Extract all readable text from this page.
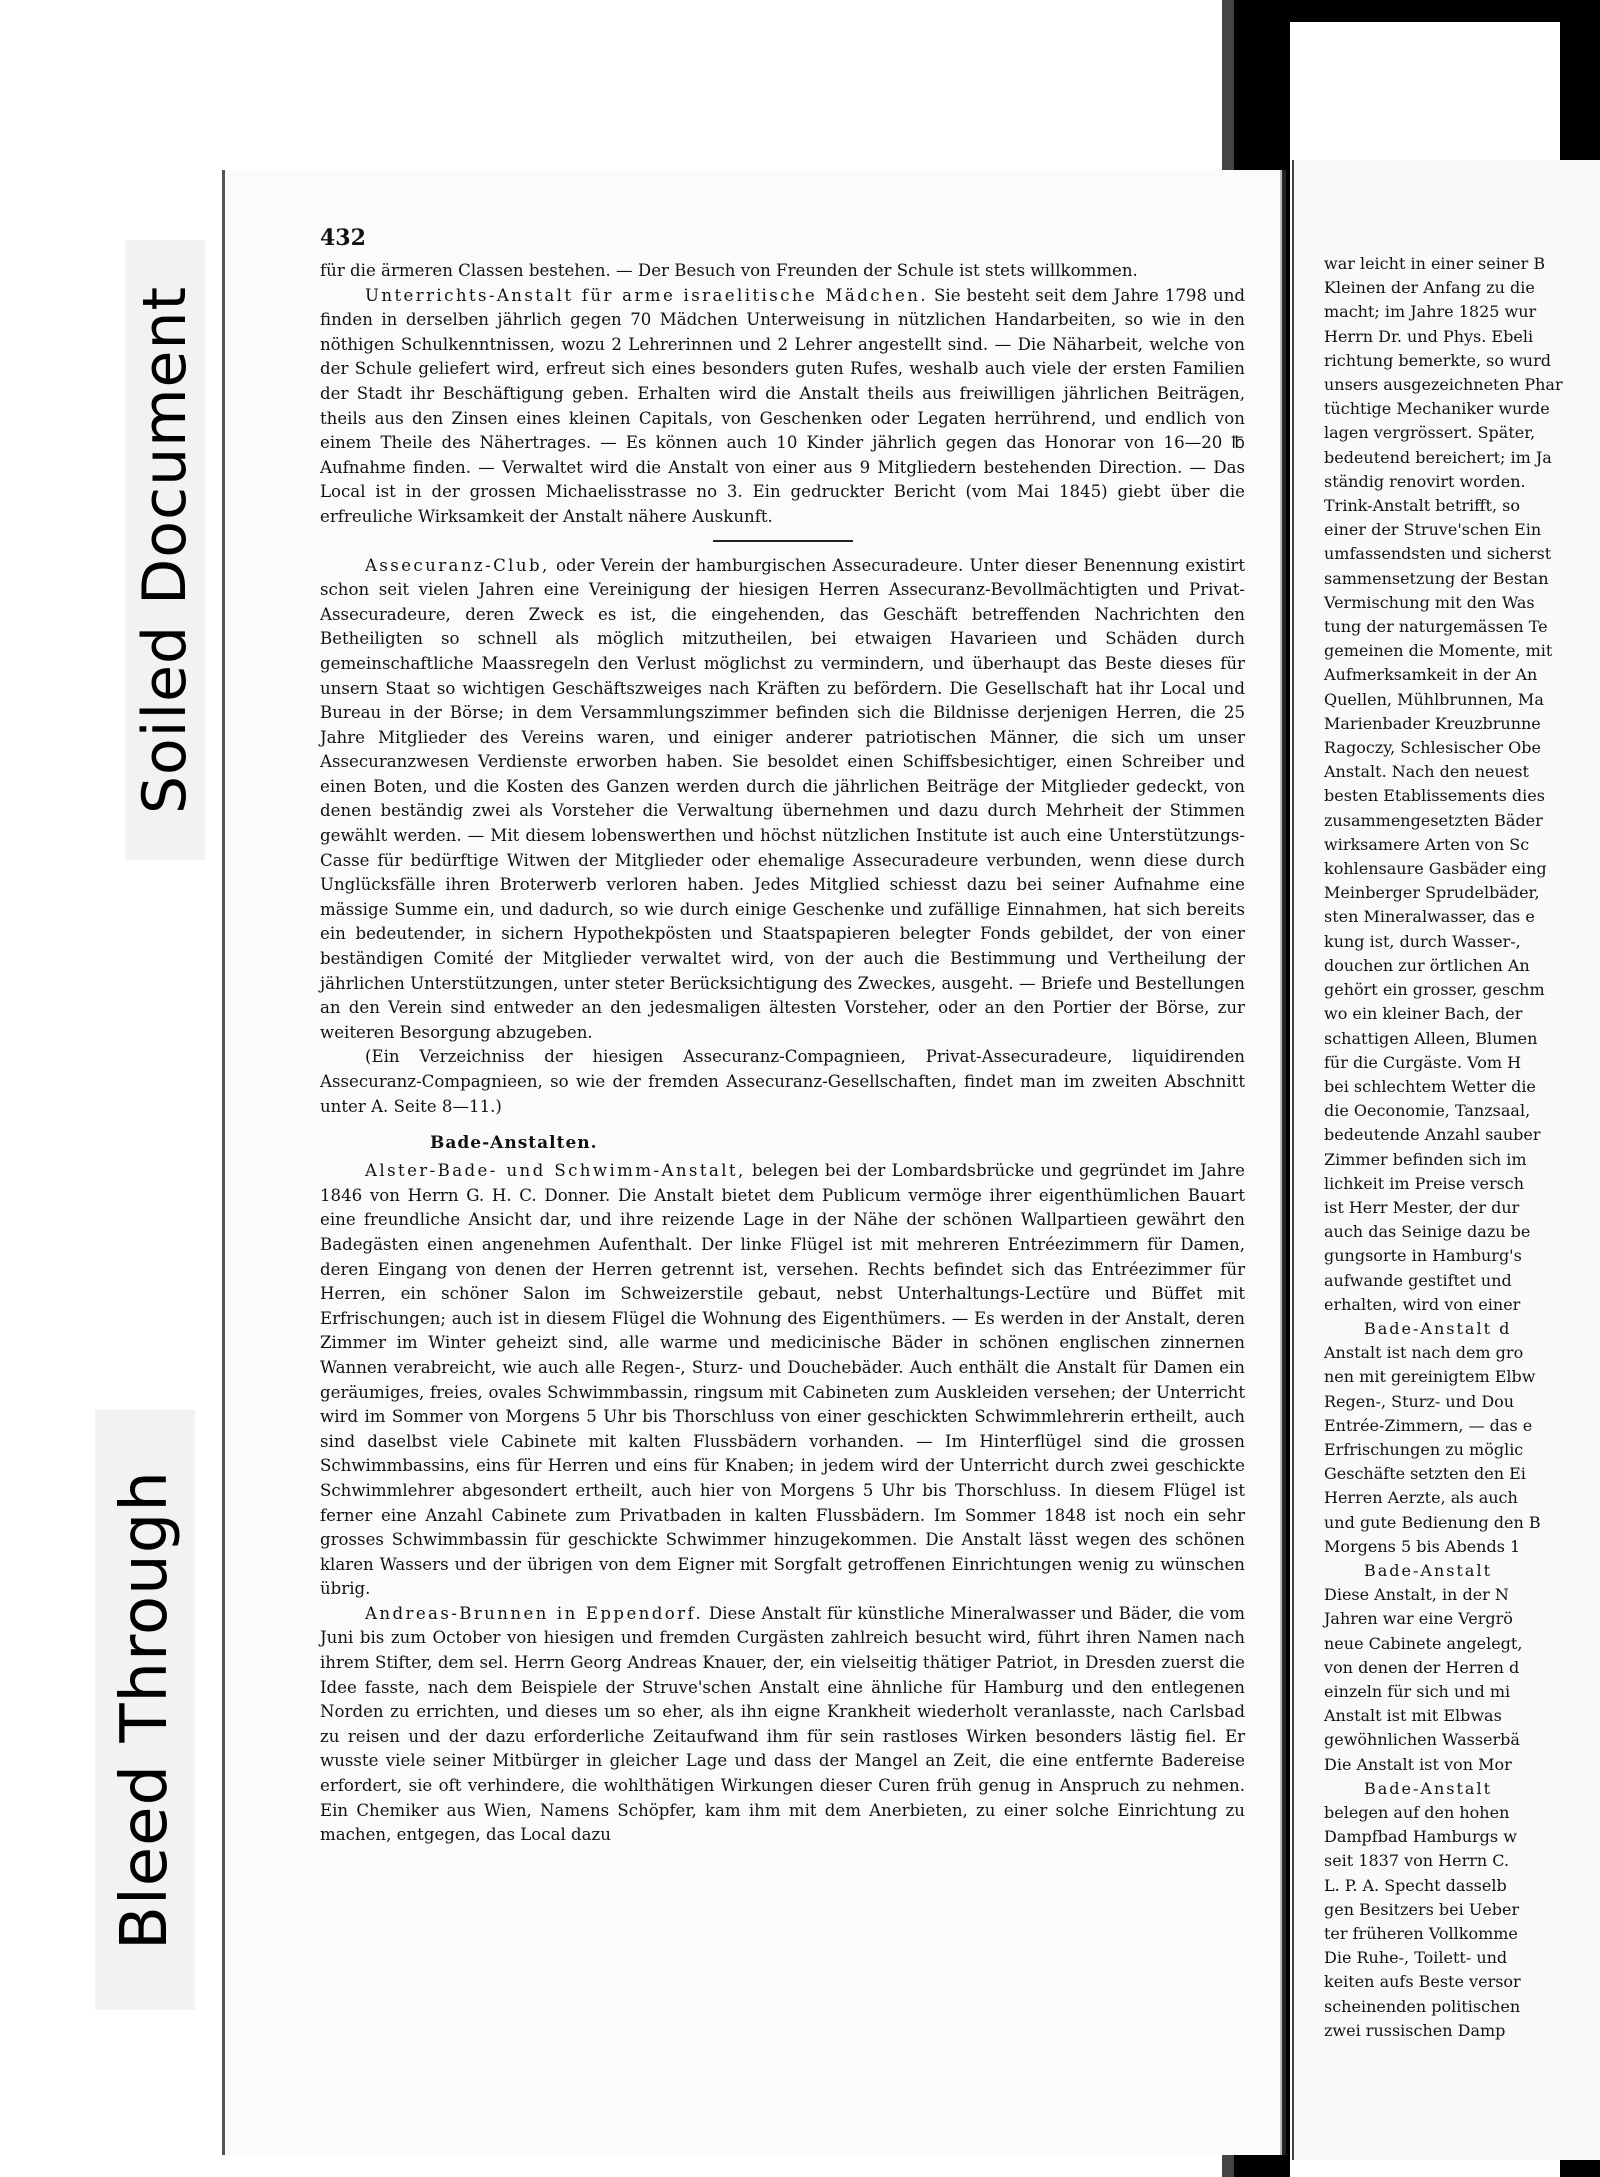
Soiled Document
Bleed Through
432

für die ärmeren Classen bestehen. — Der Besuch von Freunden der Schule ist stets willkommen.

Unterrichts-Anstalt für arme israelitische Mädchen. Sie besteht seit dem Jahre 1798 und finden in derselben jährlich gegen 70 Mädchen Unterweisung in nützlichen Handarbeiten, so wie in den nöthigen Schulkenntnissen, wozu 2 Lehrerinnen und 2 Lehrer angestellt sind. — Die Näharbeit, welche von der Schule geliefert wird, erfreut sich eines besonders guten Rufes, weshalb auch viele der ersten Familien der Stadt ihr Beschäftigung geben. Erhalten wird die Anstalt theils aus freiwilligen jährlichen Beiträgen, theils aus den Zinsen eines kleinen Capitals, von Geschenken oder Legaten herrührend, und endlich von einem Theile des Nähertrages. — Es können auch 10 Kinder jährlich gegen das Honorar von 16—20 ℔ Aufnahme finden. — Verwaltet wird die Anstalt von einer aus 9 Mitgliedern bestehenden Direction. — Das Local ist in der grossen Michaelisstrasse no 3. Ein gedruckter Bericht (vom Mai 1845) giebt über die erfreuliche Wirksamkeit der Anstalt nähere Auskunft.

Assecuranz-Club, oder Verein der hamburgischen Assecuradeure. Unter dieser Benennung existirt schon seit vielen Jahren eine Vereinigung der hiesigen Herren Assecuranz-Bevollmächtigten und Privat-Assecuradeure, deren Zweck es ist, die eingehenden, das Geschäft betreffenden Nachrichten den Betheiligten so schnell als möglich mitzutheilen, bei etwaigen Havarieen und Schäden durch gemeinschaftliche Maassregeln den Verlust möglichst zu vermindern, und überhaupt das Beste dieses für unsern Staat so wichtigen Geschäftszweiges nach Kräften zu befördern. Die Gesellschaft hat ihr Local und Bureau in der Börse; in dem Versammlungszimmer befinden sich die Bildnisse derjenigen Herren, die 25 Jahre Mitglieder des Vereins waren, und einiger anderer patriotischen Männer, die sich um unser Assecuranzwesen Verdienste erworben haben. Sie besoldet einen Schiffsbesichtiger, einen Schreiber und einen Boten, und die Kosten des Ganzen werden durch die jährlichen Beiträge der Mitglieder gedeckt, von denen beständig zwei als Vorsteher die Verwaltung übernehmen und dazu durch Mehrheit der Stimmen gewählt werden. — Mit diesem lobenswerthen und höchst nützlichen Institute ist auch eine Unterstützungs-Casse für bedürftige Witwen der Mitglieder oder ehemalige Assecuradeure verbunden, wenn diese durch Unglücksfälle ihren Broterwerb verloren haben. Jedes Mitglied schiesst dazu bei seiner Aufnahme eine mässige Summe ein, und dadurch, so wie durch einige Geschenke und zufällige Einnahmen, hat sich bereits ein bedeutender, in sichern Hypothekpösten und Staatspapieren belegter Fonds gebildet, der von einer beständigen Comité der Mitglieder verwaltet wird, von der auch die Bestimmung und Vertheilung der jährlichen Unterstützungen, unter steter Berücksichtigung des Zweckes, ausgeht. — Briefe und Bestellungen an den Verein sind entweder an den jedesmaligen ältesten Vorsteher, oder an den Portier der Börse, zur weiteren Besorgung abzugeben.

(Ein Verzeichniss der hiesigen Assecuranz-Compagnieen, Privat-Assecuradeure, liquidirenden Assecuranz-Compagnieen, so wie der fremden Assecuranz-Gesellschaften, findet man im zweiten Abschnitt unter A. Seite 8—11.)

Bade-Anstalten.

Alster-Bade- und Schwimm-Anstalt, belegen bei der Lombardsbrücke und gegründet im Jahre 1846 von Herrn G. H. C. Donner. Die Anstalt bietet dem Publicum vermöge ihrer eigenthümlichen Bauart eine freundliche Ansicht dar, und ihre reizende Lage in der Nähe der schönen Wallpartieen gewährt den Badegästen einen angenehmen Aufenthalt. Der linke Flügel ist mit mehreren Entréezimmern für Damen, deren Eingang von denen der Herren getrennt ist, versehen. Rechts befindet sich das Entréezimmer für Herren, ein schöner Salon im Schweizerstile gebaut, nebst Unterhaltungs-Lectüre und Büffet mit Erfrischungen; auch ist in diesem Flügel die Wohnung des Eigenthümers. — Es werden in der Anstalt, deren Zimmer im Winter geheizt sind, alle warme und medicinische Bäder in schönen englischen zinnernen Wannen verabreicht, wie auch alle Regen-, Sturz- und Douchebäder. Auch enthält die Anstalt für Damen ein geräumiges, freies, ovales Schwimmbassin, ringsum mit Cabineten zum Auskleiden versehen; der Unterricht wird im Sommer von Morgens 5 Uhr bis Thorschluss von einer geschickten Schwimmlehrerin ertheilt, auch sind daselbst viele Cabinete mit kalten Flussbädern vorhanden. — Im Hinterflügel sind die grossen Schwimmbassins, eins für Herren und eins für Knaben; in jedem wird der Unterricht durch zwei geschickte Schwimmlehrer abgesondert ertheilt, auch hier von Morgens 5 Uhr bis Thorschluss. In diesem Flügel ist ferner eine Anzahl Cabinete zum Privatbaden in kalten Flussbädern. Im Sommer 1848 ist noch ein sehr grosses Schwimmbassin für geschickte Schwimmer hinzugekommen. Die Anstalt lässt wegen des schönen klaren Wassers und der übrigen von dem Eigner mit Sorgfalt getroffenen Einrichtungen wenig zu wünschen übrig.

Andreas-Brunnen in Eppendorf. Diese Anstalt für künstliche Mineralwasser und Bäder, die vom Juni bis zum October von hiesigen und fremden Curgästen zahlreich besucht wird, führt ihren Namen nach ihrem Stifter, dem sel. Herrn Georg Andreas Knauer, der, ein vielseitig thätiger Patriot, in Dresden zuerst die Idee fasste, nach dem Beispiele der Struve'schen Anstalt eine ähnliche für Hamburg und den entlegenen Norden zu errichten, und dieses um so eher, als ihn eigne Krankheit wiederholt veranlasste, nach Carlsbad zu reisen und der dazu erforderliche Zeitaufwand ihm für sein rastloses Wirken besonders lästig fiel. Er wusste viele seiner Mitbürger in gleicher Lage und dass der Mangel an Zeit, die eine entfernte Badereise erfordert, sie oft verhindere, die wohlthätigen Wirkungen dieser Curen früh genug in Anspruch zu nehmen. Ein Chemiker aus Wien, Namens Schöpfer, kam ihm mit dem Anerbieten, zu einer solche Einrichtung zu machen, entgegen, das Local dazu

war leicht in einer seiner B

Kleinen der Anfang zu die

macht; im Jahre 1825 wur

Herrn Dr. und Phys. Ebeli

richtung bemerkte, so wurd

unsers ausgezeichneten Phar

tüchtige Mechaniker wurde

lagen vergrössert. Später,

bedeutend bereichert; im Ja

ständig renovirt worden.

Trink-Anstalt betrifft, so

einer der Struve'schen Ein

umfassendsten und sicherst

sammensetzung der Bestan

Vermischung mit den Was

tung der naturgemässen Te

gemeinen die Momente, mit

Aufmerksamkeit in der An

Quellen, Mühlbrunnen, Ma

Marienbader Kreuzbrunne

Ragoczy, Schlesischer Obe

Anstalt. Nach den neuest

besten Etablissements dies

zusammengesetzten Bäder

wirksamere Arten von Sc

kohlensaure Gasbäder eing

Meinberger Sprudelbäder,

sten Mineralwasser, das e

kung ist, durch Wasser-,

douchen zur örtlichen An

gehört ein grosser, geschm

wo ein kleiner Bach, der

schattigen Alleen, Blumen

für die Curgäste. Vom H

bei schlechtem Wetter die

die Oeconomie, Tanzsaal,

bedeutende Anzahl sauber

Zimmer befinden sich im

lichkeit im Preise versch

ist Herr Mester, der dur

auch das Seinige dazu be

gungsorte in Hamburg's

aufwande gestiftet und

erhalten, wird von einer

Bade-Anstalt d

Anstalt ist nach dem gro

nen mit gereinigtem Elbw

Regen-, Sturz- und Dou

Entrée-Zimmern, — das e

Erfrischungen zu möglic

Geschäfte setzten den Ei

Herren Aerzte, als auch

und gute Bedienung den B

Morgens 5 bis Abends 1

Bade-Anstalt

Diese Anstalt, in der N

Jahren war eine Vergrö

neue Cabinete angelegt,

von denen der Herren d

einzeln für sich und mi

Anstalt ist mit Elbwas

gewöhnlichen Wasserbä

Die Anstalt ist von Mor

Bade-Anstalt

belegen auf den hohen

Dampfbad Hamburgs w

seit 1837 von Herrn C.

L. P. A. Specht dasselb

gen Besitzers bei Ueber

ter früheren Vollkomme

Die Ruhe-, Toilett- und

keiten aufs Beste versor

scheinenden politischen

zwei russischen Damp
